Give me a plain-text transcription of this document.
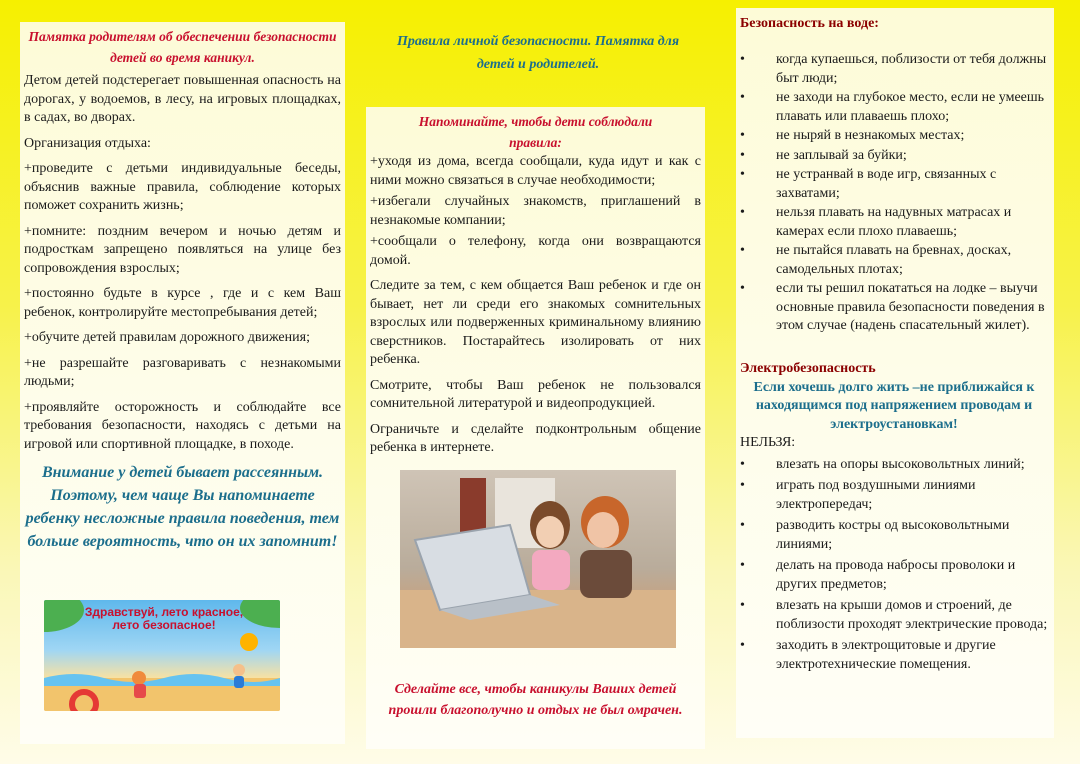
Памятка родителям об обеспечении безопасности детей во время каникул.

Детом детей подстерегает повышенная опасность на дорогах, у водоемов, в лесу, на игровых площадках, в садах, во дворах.

Организация отдыха:

+проведите с детьми индивидуальные беседы, объяснив важные правила, соблюдение которых поможет сохранить жизнь;

+помните: поздним вечером и ночью детям и подросткам запрещено появляться на улице без сопровождения взрослых;

+постоянно будьте в курсе , где и с кем Ваш ребенок, контролируйте местопребывания детей;

+обучите детей правилам дорожного движения;

+не разрешайте разговаривать с незнакомыми людьми;

+проявляйте осторожность и соблюдайте все требования безопасности, находясь с детьми на игровой или спортивной площадке, в походе.

Внимание у детей бывает рассеянным. Поэтому, чем чаще Вы напоминаете ребенку несложные правила поведения, тем больше вероятность, что он их запомнит!

Здравствуй, лето красное, лето безопасное!
Правила личной безопасности. Памятка для детей и родителей.

Напоминайте, чтобы дети соблюдали правила:

+уходя из дома, всегда сообщали, куда идут и как с ними можно связаться в случае необходимости;

+избегали случайных знакомств, приглашений в незнакомые компании;

+сообщали о телефону, когда они возвращаются домой.

Следите за тем, с кем общается Ваш ребенок и где он бывает, нет ли среди его знакомых сомнительных взрослых или подверженных криминальному влиянию сверстников. Постарайтесь изолировать от них ребенка.

Смотрите, чтобы Ваш ребенок не пользовался сомнительной литературой и видеопродукцией.

Ограничьте и сделайте подконтрольным общение ребенка в интернете.

Сделайте все, чтобы каникулы Ваших детей прошли благополучно и отдых не был омрачен.

Безопасность на воде:

• когда купаешься, поблизости от тебя должны быт люди;
• не заходи на глубокое место, если не умеешь плавать или плаваешь плохо;
• не ныряй в незнакомых местах;
• не заплывай за буйки;
• не устранвай в воде игр, связанных с захватами;
• нельзя плавать на надувных матрасах и камерах если плохо плаваешь;
• не пытайся плавать на бревнах, досках, самодельных плотах;
• если ты решил покататься на лодке – выучи основные правила безопасности поведения в этом случае (надень спасательный жилет).

Электробезопасность

Если хочешь долго жить –не приближайся к находящимся под напряжением проводам и электроустановкам!

НЕЛЬЗЯ:

• влезать на опоры высоковольтных линий;
• играть под воздушными линиями электропередач;
• разводить костры од высоковольтными линиями;
• делать на провода набросы проволоки и других предметов;
• влезать на крыши домов и строений, де поблизости проходят электрические провода;
• заходить в электрощитовые и другие электротехнические помещения.
